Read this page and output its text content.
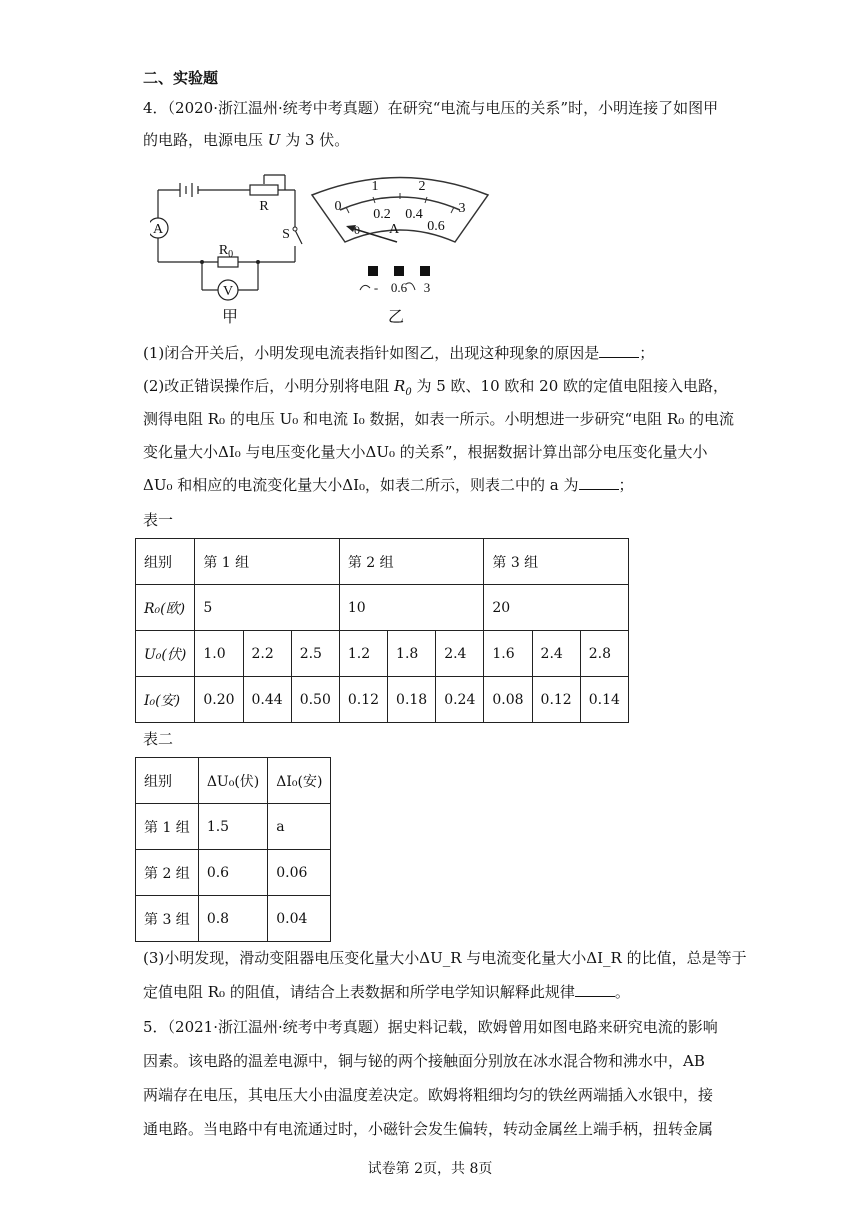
二、实验题
4．（2020·浙江温州·统考中考真题）在研究“电流与电压的关系”时，小明连接了如图甲
的电路，电源电压 U 为 3 伏。
R
S
A
V
$R_0$
甲
1	2
0	3
0.2 0.4
0.6
A
0
- 0.6 3
乙
(1)闭合开关后，小明发现电流表指针如图乙，出现这种现象的原因是	；
(2)改正错误操作后，小明分别将电阻 $R_0$ 为 5 欧、10 欧和 20 欧的定值电阻接入电路，
测得电阻 R₀ 的电压 U₀ 和电流 I₀ 数据，如表一所示。小明想进一步研究“电阻 R₀ 的电流
变化量大小ΔI₀ 与电压变化量大小ΔU₀ 的关系”，根据数据计算出部分电压变化量大小
ΔU₀ 和相应的电流变化量大小ΔI₀，如表二所示，则表二中的 a 为	；
表一
组别	第 1 组			第 2 组			第 3 组		
R₀(欧)	5			10			20		
U₀(伏)	1.0	2.2	2.5	1.2	1.8	2.4	1.6	2.4	2.8
I₀(安)	0.20	0.44	0.50	0.12	0.18	0.24	0.08	0.12	0.14
表二
组别	ΔU₀(伏)	ΔI₀(安)
第 1 组	1.5	a
第 2 组	0.6	0.06
第 3 组	0.8	0.04
(3)小明发现，滑动变阻器电压变化量大小ΔU_R 与电流变化量大小ΔI_R 的比值，总是等于
定值电阻 R₀ 的阻值，请结合上表数据和所学电学知识解释此规律	。
5．（2021·浙江温州·统考中考真题）据史料记载，欧姆曾用如图电路来研究电流的影响
因素。该电路的温差电源中，铜与铋的两个接触面分别放在冰水混合物和沸水中，AB
两端存在电压，其电压大小由温度差决定。欧姆将粗细均匀的铁丝两端插入水银中，接
通电路。当电路中有电流通过时，小磁针会发生偏转，转动金属丝上端手柄，扭转金属
试卷第 2页，共 8页
